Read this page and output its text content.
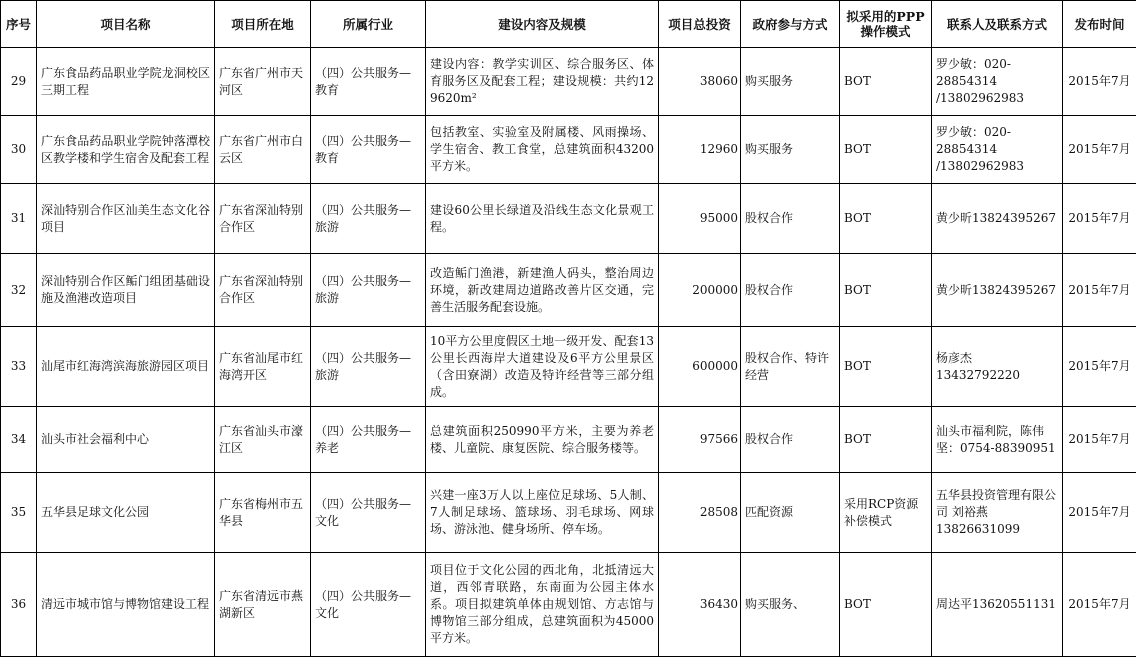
序号	项目名称	项目所在地	所属行业	建设内容及规模	项目总投资	政府参与方式	拟采用的PPP
操作模式	联系人及联系方式	发布时间

29	广东食品药品职业学院龙洞校区三期工程	广东省广州市天河区	（四）公共服务—教育	建设内容：教学实训区、综合服务区、体育服务区及配套工程；建设规模：共约129620m²	38060	购买服务	BOT	罗少敏：020-
28854314
/13802962983	2015年7月

30	广东食品药品职业学院钟落潭校区教学楼和学生宿舍及配套工程	广东省广州市白云区	（四）公共服务—教育	包括教室、实验室及附属楼、风雨操场、学生宿舍、教工食堂，总建筑面积43200平方米。	12960	购买服务	BOT	罗少敏：020-
28854314
/13802962983	2015年7月

31	深汕特别合作区汕美生态文化谷项目	广东省深汕特别合作区	（四）公共服务—旅游	建设60公里长绿道及沿线生态文化景观工程。	95000	股权合作	BOT	黄少昕13824395267	2015年7月

32	深汕特别合作区鲘门组团基础设施及渔港改造项目	广东省深汕特别合作区	（四）公共服务—旅游	改造鲘门渔港，新建渔人码头，整治周边环境，新改建周边道路改善片区交通，完善生活服务配套设施。	200000	股权合作	BOT	黄少昕13824395267	2015年7月

33	汕尾市红海湾滨海旅游园区项目	广东省汕尾市红海湾开区	（四）公共服务—旅游	10平方公里度假区土地一级开发、配套13公里长西海岸大道建设及6平方公里景区（含田寮湖）改造及特许经营等三部分组成。	600000	股权合作、特许经营	BOT	杨彦杰
13432792220	2015年7月

34	汕头市社会福利中心	广东省汕头市濠江区	（四）公共服务—养老	总建筑面积250990平方米，主要为养老楼、儿童院、康复医院、综合服务楼等。	97566	股权合作	BOT	汕头市福利院，陈伟坚：0754-88390951	2015年7月

35	五华县足球文化公园	广东省梅州市五华县	（四）公共服务—文化	兴建一座3万人以上座位足球场、5人制、7人制足球场、篮球场、羽毛球场、网球场、游泳池、健身场所、停车场。	28508	匹配资源	采用RCP资源补偿模式	五华县投资管理有限公司 刘裕燕
13826631099	2015年7月

36	清远市城市馆与博物馆建设工程	广东省清远市燕湖新区	（四）公共服务—文化	项目位于文化公园的西北角，北抵清远大道，西邻青联路，东南面为公园主体水系。项目拟建筑单体由规划馆、方志馆与博物馆三部分组成，总建筑面积为45000平方米。	36430	购买服务、	BOT	周达平13620551131	2015年7月
